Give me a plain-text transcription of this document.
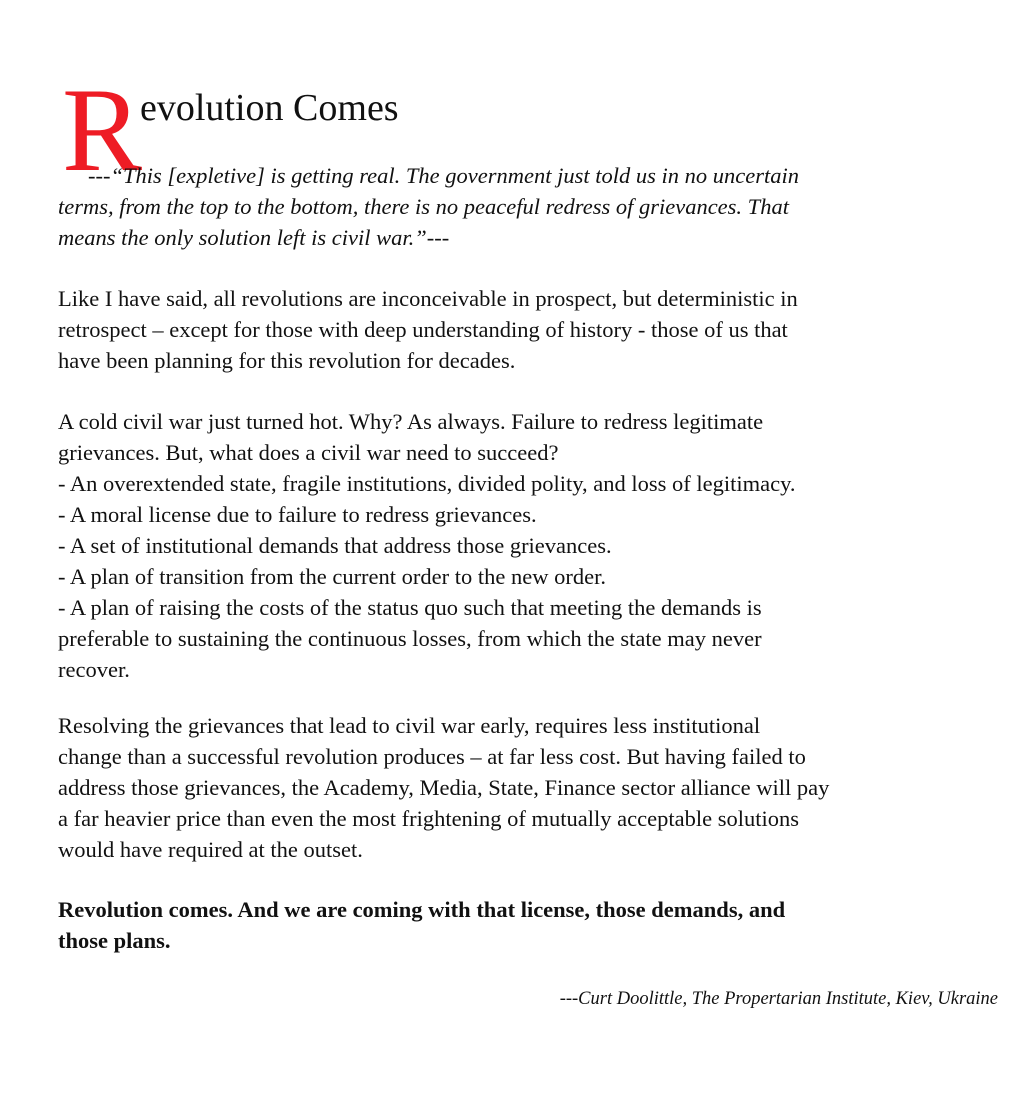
R
evolution Comes
---“This [expletive] is getting real. The government just told us in no uncertain
terms, from the top to the bottom, there is no peaceful redress of grievances. That
means the only solution left is civil war.”---
Like I have said, all revolutions are inconceivable in prospect, but deterministic in
retrospect – except for those with deep understanding of history - those of us that
have been planning for this revolution for decades.
A cold civil war just turned hot. Why? As always. Failure to redress legitimate
grievances. But, what does a civil war need to succeed?
- An overextended state, fragile institutions, divided polity, and loss of legitimacy.
- A moral license due to failure to redress grievances.
- A set of institutional demands that address those grievances.
- A plan of transition from the current order to the new order.
- A plan of raising the costs of the status quo such that meeting the demands is
preferable to sustaining the continuous losses, from which the state may never
recover.
Resolving the grievances that lead to civil war early, requires less institutional
change than a successful revolution produces – at far less cost. But having failed to
address those grievances, the Academy, Media, State, Finance sector alliance will pay
a far heavier price than even the most frightening of mutually acceptable solutions
would have required at the outset.
Revolution comes. And we are coming with that license, those demands, and
those plans.
---Curt Doolittle, The Propertarian Institute, Kiev, Ukraine
